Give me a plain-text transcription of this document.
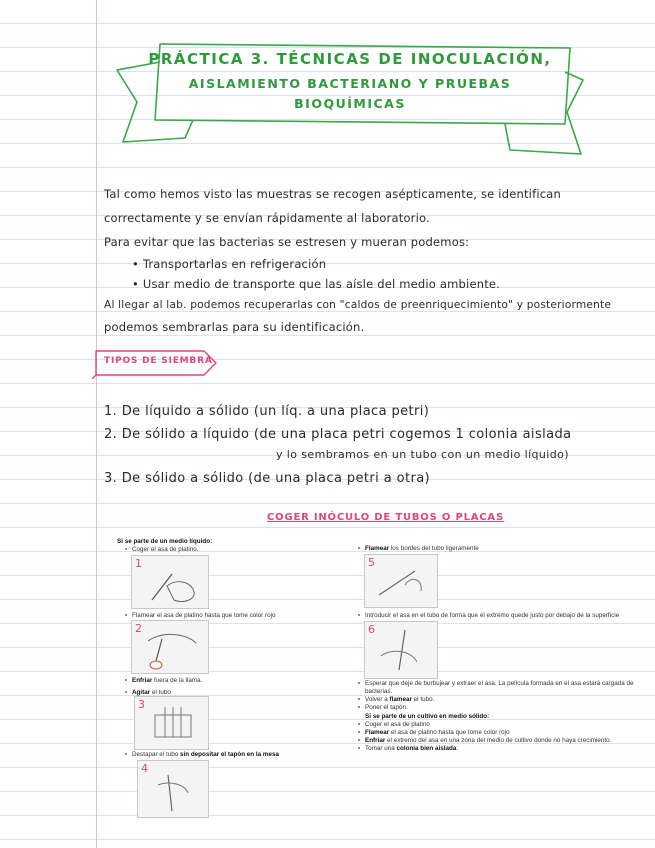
PRÁCTICA 3. TÉCNICAS DE INOCULACIÓN,
AISLAMIENTO BACTERIANO Y PRUEBAS
BIOQUÍMICAS
Tal como hemos visto las muestras se recogen asépticamente, se identifican
correctamente y se envían rápidamente al laboratorio.
Para evitar que las bacterias se estresen y mueran podemos:
• Transportarlas en refrigeración
• Usar medio de transporte que las aísle del medio ambiente.
Al llegar al lab. podemos recuperarlas con "caldos de preenriquecimiento" y posteriormente
podemos sembrarlas para su identificación.
TIPOS DE SIEMBRA
1. De líquido a sólido (un líq. a una placa petri)
2. De sólido a líquido (de una placa petri cogemos 1 colonia aislada
y lo sembramos en un tubo con un medio líquido)
3. De sólido a sólido (de una placa petri a otra)
COGER INÓCULO DE TUBOS O PLACAS
Si se parte de un medio líquido:
Coger el asa de platino.
1
Flamear el asa de platino hasta que tome color rojo
2
Enfriar fuera de la llama.
Agitar el tubo
3
Destapar el tubo sin depositar el tapón en la mesa
4
Flamear los bordes del tubo ligeramente
5
Introducir el asa en el tubo de forma que el extremo quede justo por debajo de la superficie
6
Esperar que deje de burbujear y extraer el asa. La película formada en el asa estará cargada de
bacterias.
Volver a flamear el tubo.
Poner el tapón.
Si se parte de un cultivo en medio sólido:
Coger el asa de platino
Flamear el asa de platino hasta que tome color rojo
Enfriar el extremo del asa en una zona del medio de cultivo donde no haya crecimiento.
Tomar una colonia bien aislada.
